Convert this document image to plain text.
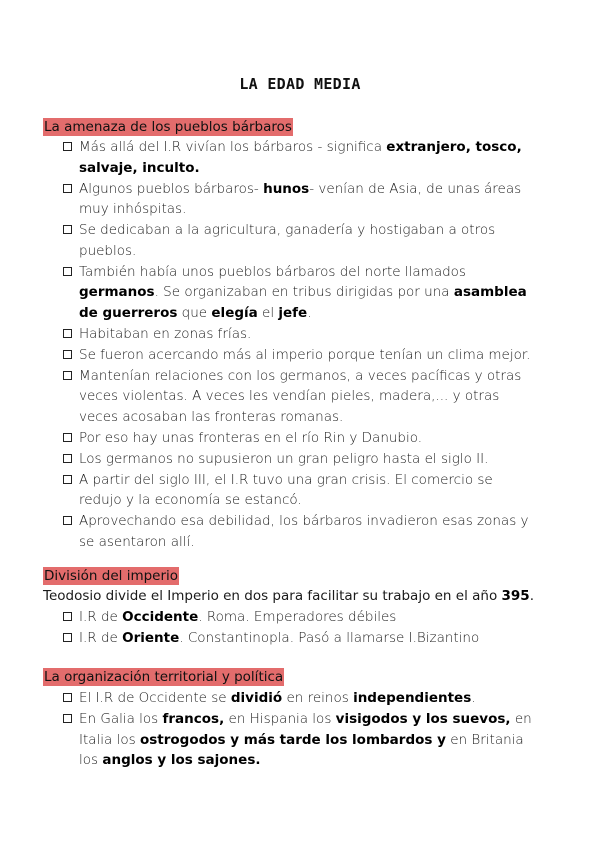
LA EDAD MEDIA
La amenaza de los pueblos bárbaros
Más allá del I.R vivían los bárbaros - significa extranjero, tosco, salvaje, inculto.
Algunos pueblos bárbaros- hunos- venían de Asia, de unas áreas muy inhóspitas.
Se dedicaban a la agricultura, ganadería y hostigaban a otros pueblos.
También había unos pueblos bárbaros del norte llamados germanos. Se organizaban en tribus dirigidas por una asamblea de guerreros que elegía el jefe.
Habitaban en zonas frías.
Se fueron acercando más al imperio porque tenían un clima mejor.
Mantenían relaciones con los germanos, a veces pacíficas y otras veces violentas. A veces les vendían pieles, madera,... y otras veces acosaban las fronteras romanas.
Por eso hay unas fronteras en el río Rin y Danubio.
Los germanos no supusieron un gran peligro hasta el siglo II.
A partir del siglo III, el I.R tuvo una gran crisis. El comercio se redujo y la economía se estancó.
Aprovechando esa debilidad, los bárbaros invadieron esas zonas y se asentaron allí.
División del imperio
Teodosio divide el Imperio en dos para facilitar su trabajo en el año 395.
I.R de Occidente. Roma. Emperadores débiles
I.R de Oriente. Constantinopla. Pasó a llamarse I.Bizantino
La organización territorial y política
El I.R de Occidente se dividió en reinos independientes.
En Galia los francos, en Hispania los visigodos y los suevos, en Italia los ostrogodos y más tarde los lombardos y en Britania los anglos y los sajones.
